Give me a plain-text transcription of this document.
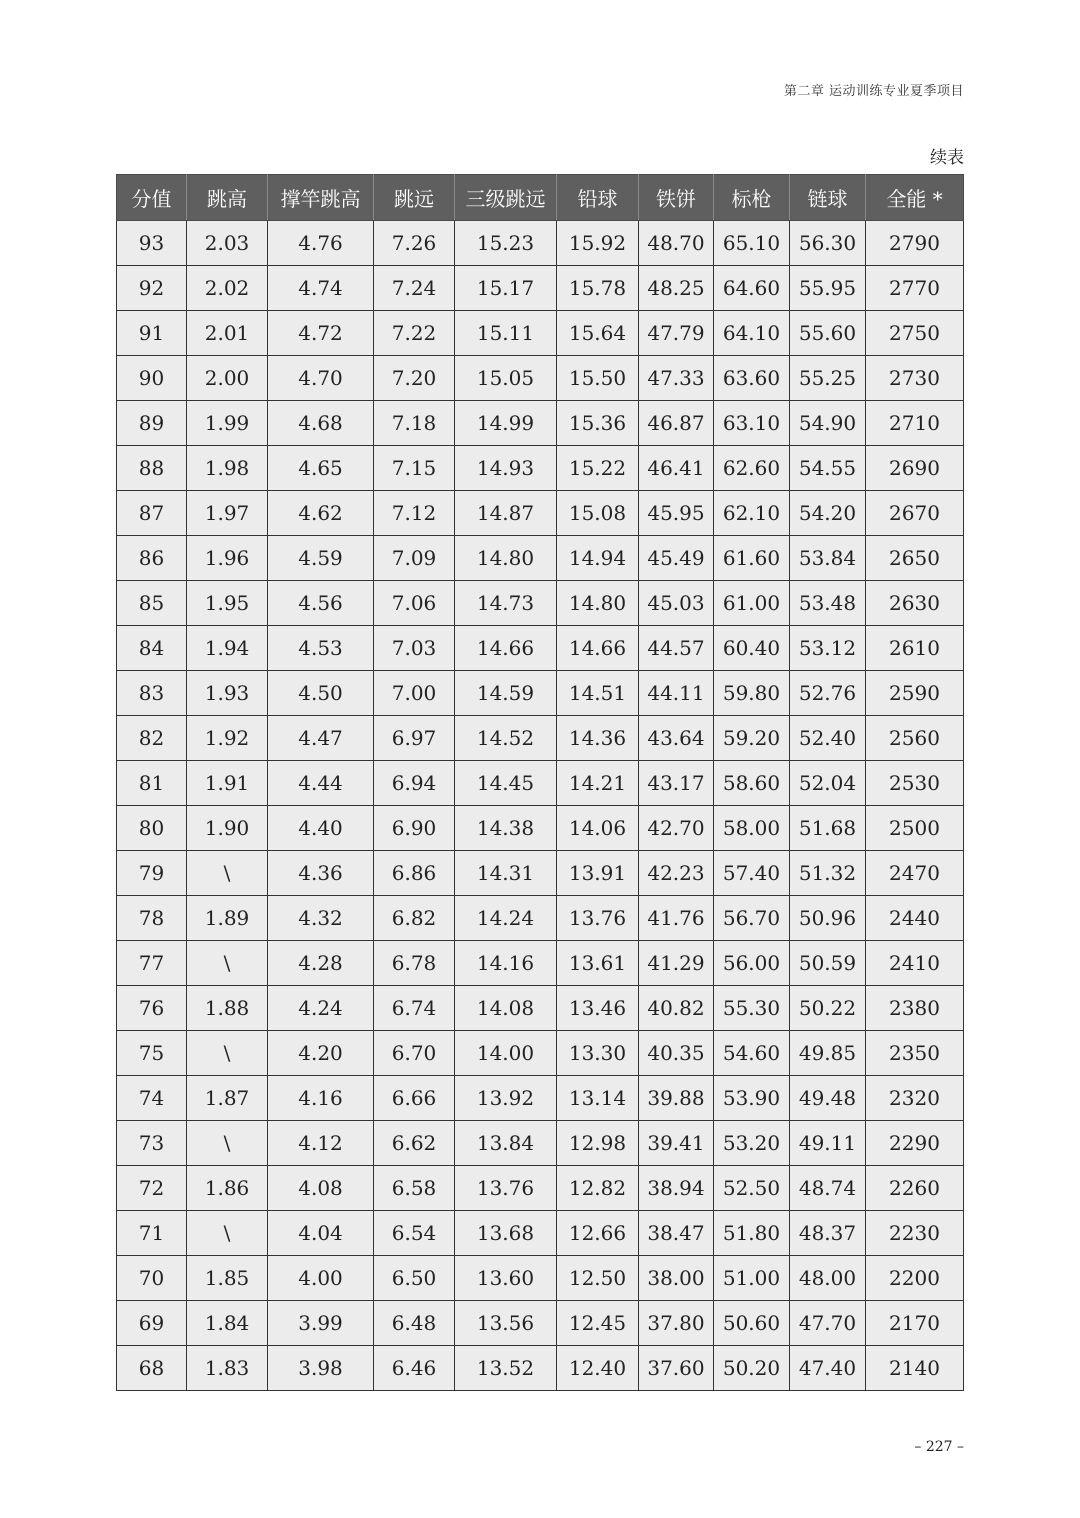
第二章 运动训练专业夏季项目
续表
分值	跳高	撑竿跳高	跳远	三级跳远	铅球	铁饼	标枪	链球	全能 *
93	2.03	4.76	7.26	15.23	15.92	48.70	65.10	56.30	2790
92	2.02	4.74	7.24	15.17	15.78	48.25	64.60	55.95	2770
91	2.01	4.72	7.22	15.11	15.64	47.79	64.10	55.60	2750
90	2.00	4.70	7.20	15.05	15.50	47.33	63.60	55.25	2730
89	1.99	4.68	7.18	14.99	15.36	46.87	63.10	54.90	2710
88	1.98	4.65	7.15	14.93	15.22	46.41	62.60	54.55	2690
87	1.97	4.62	7.12	14.87	15.08	45.95	62.10	54.20	2670
86	1.96	4.59	7.09	14.80	14.94	45.49	61.60	53.84	2650
85	1.95	4.56	7.06	14.73	14.80	45.03	61.00	53.48	2630
84	1.94	4.53	7.03	14.66	14.66	44.57	60.40	53.12	2610
83	1.93	4.50	7.00	14.59	14.51	44.11	59.80	52.76	2590
82	1.92	4.47	6.97	14.52	14.36	43.64	59.20	52.40	2560
81	1.91	4.44	6.94	14.45	14.21	43.17	58.60	52.04	2530
80	1.90	4.40	6.90	14.38	14.06	42.70	58.00	51.68	2500
79	\	4.36	6.86	14.31	13.91	42.23	57.40	51.32	2470
78	1.89	4.32	6.82	14.24	13.76	41.76	56.70	50.96	2440
77	\	4.28	6.78	14.16	13.61	41.29	56.00	50.59	2410
76	1.88	4.24	6.74	14.08	13.46	40.82	55.30	50.22	2380
75	\	4.20	6.70	14.00	13.30	40.35	54.60	49.85	2350
74	1.87	4.16	6.66	13.92	13.14	39.88	53.90	49.48	2320
73	\	4.12	6.62	13.84	12.98	39.41	53.20	49.11	2290
72	1.86	4.08	6.58	13.76	12.82	38.94	52.50	48.74	2260
71	\	4.04	6.54	13.68	12.66	38.47	51.80	48.37	2230
70	1.85	4.00	6.50	13.60	12.50	38.00	51.00	48.00	2200
69	1.84	3.99	6.48	13.56	12.45	37.80	50.60	47.70	2170
68	1.83	3.98	6.46	13.52	12.40	37.60	50.20	47.40	2140
– 227 –
